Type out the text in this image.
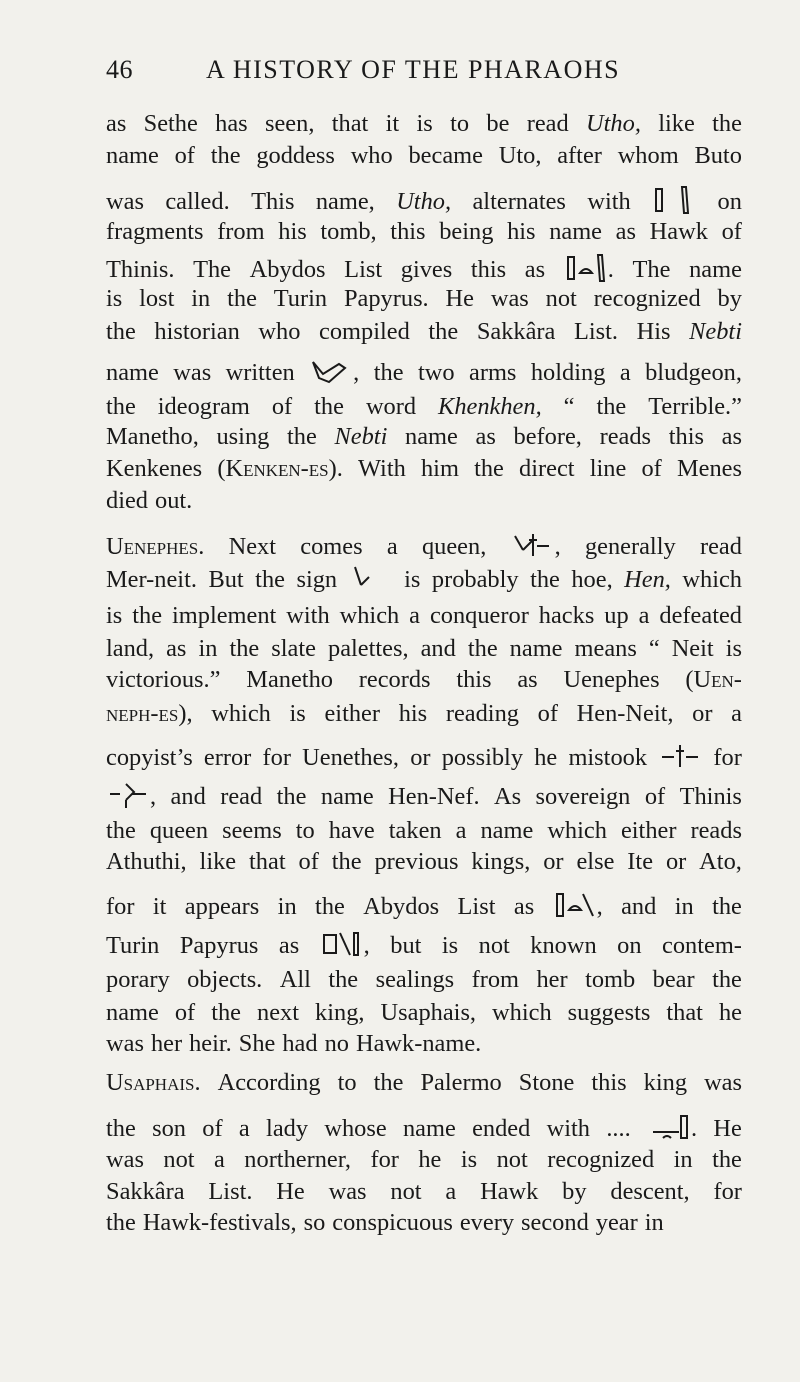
46	A HISTORY OF THE PHARAOHS
as Sethe has seen, that it is to be read Utho, like the
name of the goddess who became Uto, after whom Buto
was called. This name, Utho, alternates with	on
fragments from his tomb, this being his name as Hawk of
Thinis. The Abydos List gives this as	. The name
is lost in the Turin Papyrus. He was not recognized by
the historian who compiled the Sakkâra List. His Nebti
name was written	, the two arms holding a bludgeon,
the ideogram of the word Khenkhen, “ the Terrible.”
Manetho, using the Nebti name as before, reads this as
Kenkenes (Kenken-es). With him the direct line of Menes
died out.
Uenephes. Next comes a queen,	, generally read
Mer-neit. But the sign	is probably the hoe, Hen, which
is the implement with which a conqueror hacks up a defeated
land, as in the slate palettes, and the name means “ Neit is
victorious.” Manetho records this as Uenephes (Uen-
neph-es), which is either his reading of Hen-Neit, or a
copyist’s error for Uenethes, or possibly he mistook	for
, and read the name Hen-Nef. As sovereign of Thinis
the queen seems to have taken a name which either reads
Athuthi, like that of the previous kings, or else Ite or Ato,
for it appears in the Abydos List as	, and in the
Turin Papyrus as	, but is not known on contem-
porary objects. All the sealings from her tomb bear the
name of the next king, Usaphais, which suggests that he
was her heir. She had no Hawk-name.
Usaphais. According to the Palermo Stone this king was
the son of a lady whose name ended with ....	. He
was not a northerner, for he is not recognized in the
Sakkâra List. He was not a Hawk by descent, for
the Hawk-festivals, so conspicuous every second year in
